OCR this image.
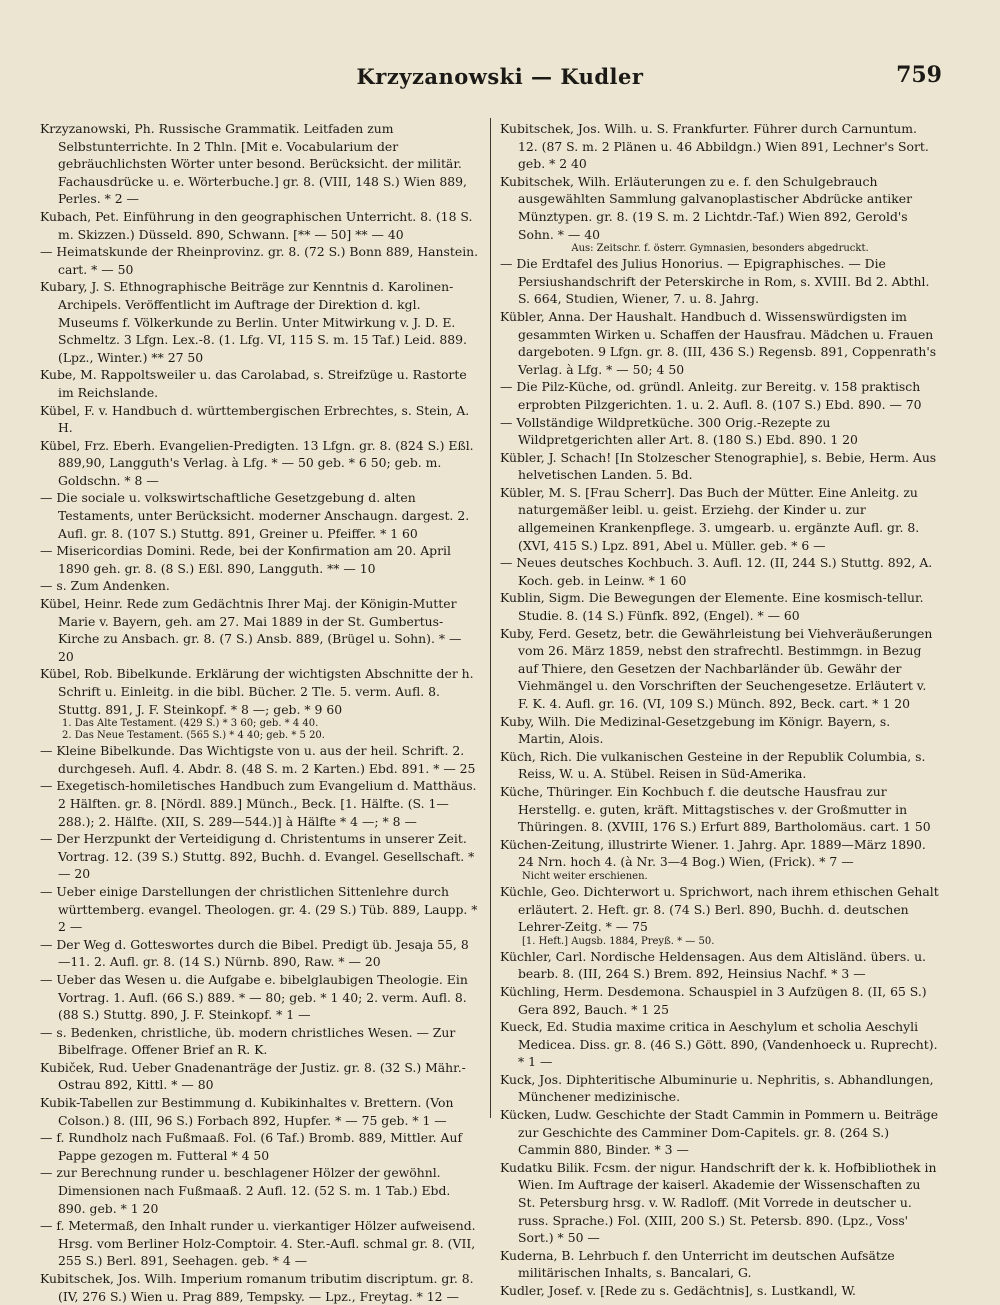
Krzyzanowski — Kudler	759

Krzyzanowski, Ph. Russische Grammatik. Leitfaden zum Selbstunterrichte. In 2 Thln. [Mit e. Vocabularium der gebräuchlichsten Wörter unter besond. Berücksicht. der militär. Fachausdrücke u. e. Wörterbuche.] gr. 8. (VIII, 148 S.) Wien 889, Perles. * 2 —

Kubach, Pet. Einführung in den geographischen Unterricht. 8. (18 S. m. Skizzen.) Düsseld. 890, Schwann. [** — 50] ** — 40

— Heimatskunde der Rheinprovinz. gr. 8. (72 S.) Bonn 889, Hanstein. cart. * — 50

Kubary, J. S. Ethnographische Beiträge zur Kenntnis d. Karolinen-Archipels. Veröffentlicht im Auftrage der Direktion d. kgl. Museums f. Völkerkunde zu Berlin. Unter Mitwirkung v. J. D. E. Schmeltz. 3 Lfgn. Lex.-8. (1. Lfg. VI, 115 S. m. 15 Taf.) Leid. 889. (Lpz., Winter.) ** 27 50

Kube, M. Rappoltsweiler u. das Carolabad, s. Streifzüge u. Rastorte im Reichslande.

Kübel, F. v. Handbuch d. württembergischen Erbrechtes, s. Stein, A. H.

Kübel, Frz. Eberh. Evangelien-Predigten. 13 Lfgn. gr. 8. (824 S.) Eßl. 889,90, Langguth's Verlag. à Lfg. * — 50 geb. * 6 50; geb. m. Goldschn. * 8 —

— Die sociale u. volkswirtschaftliche Gesetzgebung d. alten Testaments, unter Berücksicht. moderner Anschaugn. dargest. 2. Aufl. gr. 8. (107 S.) Stuttg. 891, Greiner u. Pfeiffer. * 1 60

— Misericordias Domini. Rede, bei der Konfirmation am 20. April 1890 geh. gr. 8. (8 S.) Eßl. 890, Langguth. ** — 10

— s. Zum Andenken.

Kübel, Heinr. Rede zum Gedächtnis Ihrer Maj. der Königin-Mutter Marie v. Bayern, geh. am 27. Mai 1889 in der St. Gumbertus-Kirche zu Ansbach. gr. 8. (7 S.) Ansb. 889, (Brügel u. Sohn). * — 20

Kübel, Rob. Bibelkunde. Erklärung der wichtigsten Abschnitte der h. Schrift u. Einleitg. in die bibl. Bücher. 2 Tle. 5. verm. Aufl. 8. Stuttg. 891, J. F. Steinkopf. * 8 —; geb. * 9 60

1. Das Alte Testament. (429 S.) * 3 60; geb. * 4 40.

2. Das Neue Testament. (565 S.) * 4 40; geb. * 5 20.

— Kleine Bibelkunde. Das Wichtigste von u. aus der heil. Schrift. 2. durchgeseh. Aufl. 4. Abdr. 8. (48 S. m. 2 Karten.) Ebd. 891. * — 25

— Exegetisch-homiletisches Handbuch zum Evangelium d. Matthäus. 2 Hälften. gr. 8. [Nördl. 889.] Münch., Beck. [1. Hälfte. (S. 1—288.); 2. Hälfte. (XII, S. 289—544.)] à Hälfte * 4 —; * 8 —

— Der Herzpunkt der Verteidigung d. Christentums in unserer Zeit. Vortrag. 12. (39 S.) Stuttg. 892, Buchh. d. Evangel. Gesellschaft. * — 20

— Ueber einige Darstellungen der christlichen Sittenlehre durch württemberg. evangel. Theologen. gr. 4. (29 S.) Tüb. 889, Laupp. * 2 —

— Der Weg d. Gotteswortes durch die Bibel. Predigt üb. Jesaja 55, 8—11. 2. Aufl. gr. 8. (14 S.) Nürnb. 890, Raw. * — 20

— Ueber das Wesen u. die Aufgabe e. bibelglaubigen Theologie. Ein Vortrag. 1. Aufl. (66 S.) 889. * — 80; geb. * 1 40; 2. verm. Aufl. 8. (88 S.) Stuttg. 890, J. F. Steinkopf. * 1 —

— s. Bedenken, christliche, üb. modern christliches Wesen. — Zur Bibelfrage. Offener Brief an R. K.

Kubiček, Rud. Ueber Gnadenanträge der Justiz. gr. 8. (32 S.) Mähr.-Ostrau 892, Kittl. * — 80

Kubik-Tabellen zur Bestimmung d. Kubikinhaltes v. Brettern. (Von Colson.) 8. (III, 96 S.) Forbach 892, Hupfer. * — 75 geb. * 1 —

— f. Rundholz nach Fußmaaß. Fol. (6 Taf.) Bromb. 889, Mittler. Auf Pappe gezogen m. Futteral * 4 50

— zur Berechnung runder u. beschlagener Hölzer der gewöhnl. Dimensionen nach Fußmaaß. 2 Aufl. 12. (52 S. m. 1 Tab.) Ebd. 890. geb. * 1 20

— f. Metermaß, den Inhalt runder u. vierkantiger Hölzer aufweisend. Hrsg. vom Berliner Holz-Comptoir. 4. Ster.-Aufl. schmal gr. 8. (VII, 255 S.) Berl. 891, Seehagen. geb. * 4 —

Kubitschek, Jos. Wilh. Imperium romanum tributim discriptum. gr. 8. (IV, 276 S.) Wien u. Prag 889, Tempsky. — Lpz., Freytag. * 12 —

Kubitschek, Jos. Wilh. u. S. Frankfurter. Führer durch Carnuntum. 12. (87 S. m. 2 Plänen u. 46 Abbildgn.) Wien 891, Lechner's Sort. geb. * 2 40

Kubitschek, Wilh. Erläuterungen zu e. f. den Schulgebrauch ausgewählten Sammlung galvanoplastischer Abdrücke antiker Münztypen. gr. 8. (19 S. m. 2 Lichtdr.-Taf.) Wien 892, Gerold's Sohn. * — 40

Aus: Zeitschr. f. österr. Gymnasien, besonders abgedruckt.

— Die Erdtafel des Julius Honorius. — Epigraphisches. — Die Persiushandschrift der Peterskirche in Rom, s. XVIII. Bd 2. Abthl. S. 664, Studien, Wiener, 7. u. 8. Jahrg.

Kübler, Anna. Der Haushalt. Handbuch d. Wissenswürdigsten im gesammten Wirken u. Schaffen der Hausfrau. Mädchen u. Frauen dargeboten. 9 Lfgn. gr. 8. (III, 436 S.) Regensb. 891, Coppenrath's Verlag. à Lfg. * — 50; 4 50

— Die Pilz-Küche, od. gründl. Anleitg. zur Bereitg. v. 158 praktisch erprobten Pilzgerichten. 1. u. 2. Aufl. 8. (107 S.) Ebd. 890. — 70

— Vollständige Wildpretküche. 300 Orig.-Rezepte zu Wildpretgerichten aller Art. 8. (180 S.) Ebd. 890. 1 20

Kübler, J. Schach! [In Stolzescher Stenographie], s. Bebie, Herm. Aus helvetischen Landen. 5. Bd.

Kübler, M. S. [Frau Scherr]. Das Buch der Mütter. Eine Anleitg. zu naturgemäßer leibl. u. geist. Erziehg. der Kinder u. zur allgemeinen Krankenpflege. 3. umgearb. u. ergänzte Aufl. gr. 8. (XVI, 415 S.) Lpz. 891, Abel u. Müller. geb. * 6 —

— Neues deutsches Kochbuch. 3. Aufl. 12. (II, 244 S.) Stuttg. 892, A. Koch. geb. in Leinw. * 1 60

Kublin, Sigm. Die Bewegungen der Elemente. Eine kosmisch-tellur. Studie. 8. (14 S.) Fünfk. 892, (Engel). * — 60

Kuby, Ferd. Gesetz, betr. die Gewährleistung bei Viehveräußerungen vom 26. März 1859, nebst den strafrechtl. Bestimmgn. in Bezug auf Thiere, den Gesetzen der Nachbarländer üb. Gewähr der Viehmängel u. den Vorschriften der Seuchengesetze. Erläutert v. F. K. 4. Aufl. gr. 16. (VI, 109 S.) Münch. 892, Beck. cart. * 1 20

Kuby, Wilh. Die Medizinal-Gesetzgebung im Königr. Bayern, s. Martin, Alois.

Küch, Rich. Die vulkanischen Gesteine in der Republik Columbia, s. Reiss, W. u. A. Stübel. Reisen in Süd-Amerika.

Küche, Thüringer. Ein Kochbuch f. die deutsche Hausfrau zur Herstellg. e. guten, kräft. Mittagstisches v. der Großmutter in Thüringen. 8. (XVIII, 176 S.) Erfurt 889, Bartholomäus. cart. 1 50

Küchen-Zeitung, illustrirte Wiener. 1. Jahrg. Apr. 1889—März 1890. 24 Nrn. hoch 4. (à Nr. 3—4 Bog.) Wien, (Frick). * 7 —

Nicht weiter erschienen.

Küchle, Geo. Dichterwort u. Sprichwort, nach ihrem ethischen Gehalt erläutert. 2. Heft. gr. 8. (74 S.) Berl. 890, Buchh. d. deutschen Lehrer-Zeitg. * — 75

[1. Heft.] Augsb. 1884, Preyß. * — 50.

Küchler, Carl. Nordische Heldensagen. Aus dem Altisländ. übers. u. bearb. 8. (III, 264 S.) Brem. 892, Heinsius Nachf. * 3 —

Küchling, Herm. Desdemona. Schauspiel in 3 Aufzügen 8. (II, 65 S.) Gera 892, Bauch. * 1 25

Kueck, Ed. Studia maxime critica in Aeschylum et scholia Aeschyli Medicea. Diss. gr. 8. (46 S.) Gött. 890, (Vandenhoeck u. Ruprecht). * 1 —

Kuck, Jos. Diphteritische Albuminurie u. Nephritis, s. Abhandlungen, Münchener medizinische.

Kücken, Ludw. Geschichte der Stadt Cammin in Pommern u. Beiträge zur Geschichte des Camminer Dom-Capitels. gr. 8. (264 S.) Cammin 880, Binder. * 3 —

Kudatku Bilik. Fcsm. der nigur. Handschrift der k. k. Hofbibliothek in Wien. Im Auftrage der kaiserl. Akademie der Wissenschaften zu St. Petersburg hrsg. v. W. Radloff. (Mit Vorrede in deutscher u. russ. Sprache.) Fol. (XIII, 200 S.) St. Petersb. 890. (Lpz., Voss' Sort.) * 50 —

Kuderna, B. Lehrbuch f. den Unterricht im deutschen Aufsätze militärischen Inhalts, s. Bancalari, G.

Kudler, Josef. v. [Rede zu s. Gedächtnis], s. Lustkandl, W.
